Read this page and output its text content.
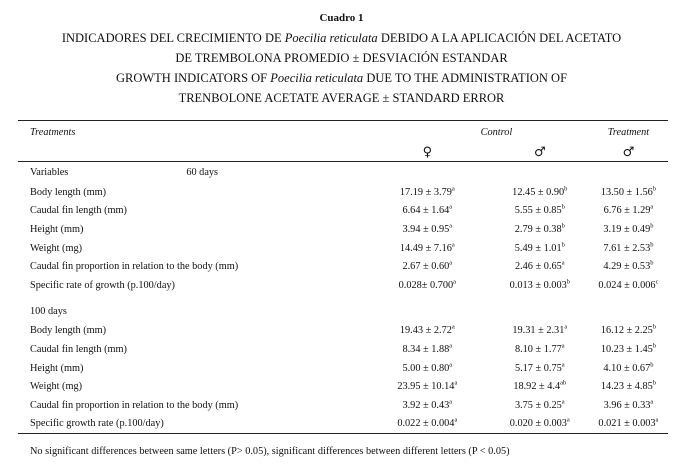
Cuadro 1
INDICADORES DEL CRECIMIENTO DE Poecilia reticulata DEBIDO A LA APLICACIÓN DEL ACETATO
DE TREMBOLONA PROMEDIO ± DESVIACIÓN ESTANDAR
GROWTH INDICATORS OF Poecilia reticulata DUE TO THE ADMINISTRATION OF
TRENBOLONE ACETATE AVERAGE ± STANDARD ERROR
Treatments	Control		Treatment
	♀	♂	♂
Variables 60 days			
Body length (mm)	17.19 ± 3.79$^a$	12.45 ± 0.90$^b$	13.50 ± 1.56$^b$
Caudal fin length (mm)	6.64 ± 1.64$^a$	5.55 ± 0.85$^b$	6.76 ± 1.29$^a$
Height (mm)	3.94 ± 0.95$^a$	2.79 ± 0.38$^b$	3.19 ± 0.49$^b$
Weight (mg)	14.49 ± 7.16$^a$	5.49 ± 1.01$^b$	7.61 ± 2.53$^b$
Caudal fin proportion in relation to the body (mm)	2.67 ± 0.60$^a$	2.46 ± 0.65$^a$	4.29 ± 0.53$^b$
Specific rate of growth (p.100/day)	0.028± 0.700$^a$	0.013 ± 0.003$^b$	0.024 ± 0.006$^c$

100 days			
Body length (mm)	19.43 ± 2.72$^a$	19.31 ± 2.31$^a$	16.12 ± 2.25$^b$
Caudal fin length (mm)	8.34 ± 1.88$^a$	8.10 ± 1.77$^a$	10.23 ± 1.45$^b$
Height (mm)	5.00 ± 0.80$^a$	5.17 ± 0.75$^a$	4.10 ± 0.67$^b$
Weight (mg)	23.95 ± 10.14$^a$	18.92 ± 4.4$^{ab}$	14.23 ± 4.85$^b$
Caudal fin proportion in relation to the body (mm)	3.92 ± 0.43$^a$	3.75 ± 0.25$^a$	3.96 ± 0.33$^a$
Specific growth rate (p.100/day)	0.022 ± 0.004$^a$	0.020 ± 0.003$^a$	0.021 ± 0.003$^a$
No significant differences between same letters (P> 0.05), significant differences between different letters (P < 0.05)
